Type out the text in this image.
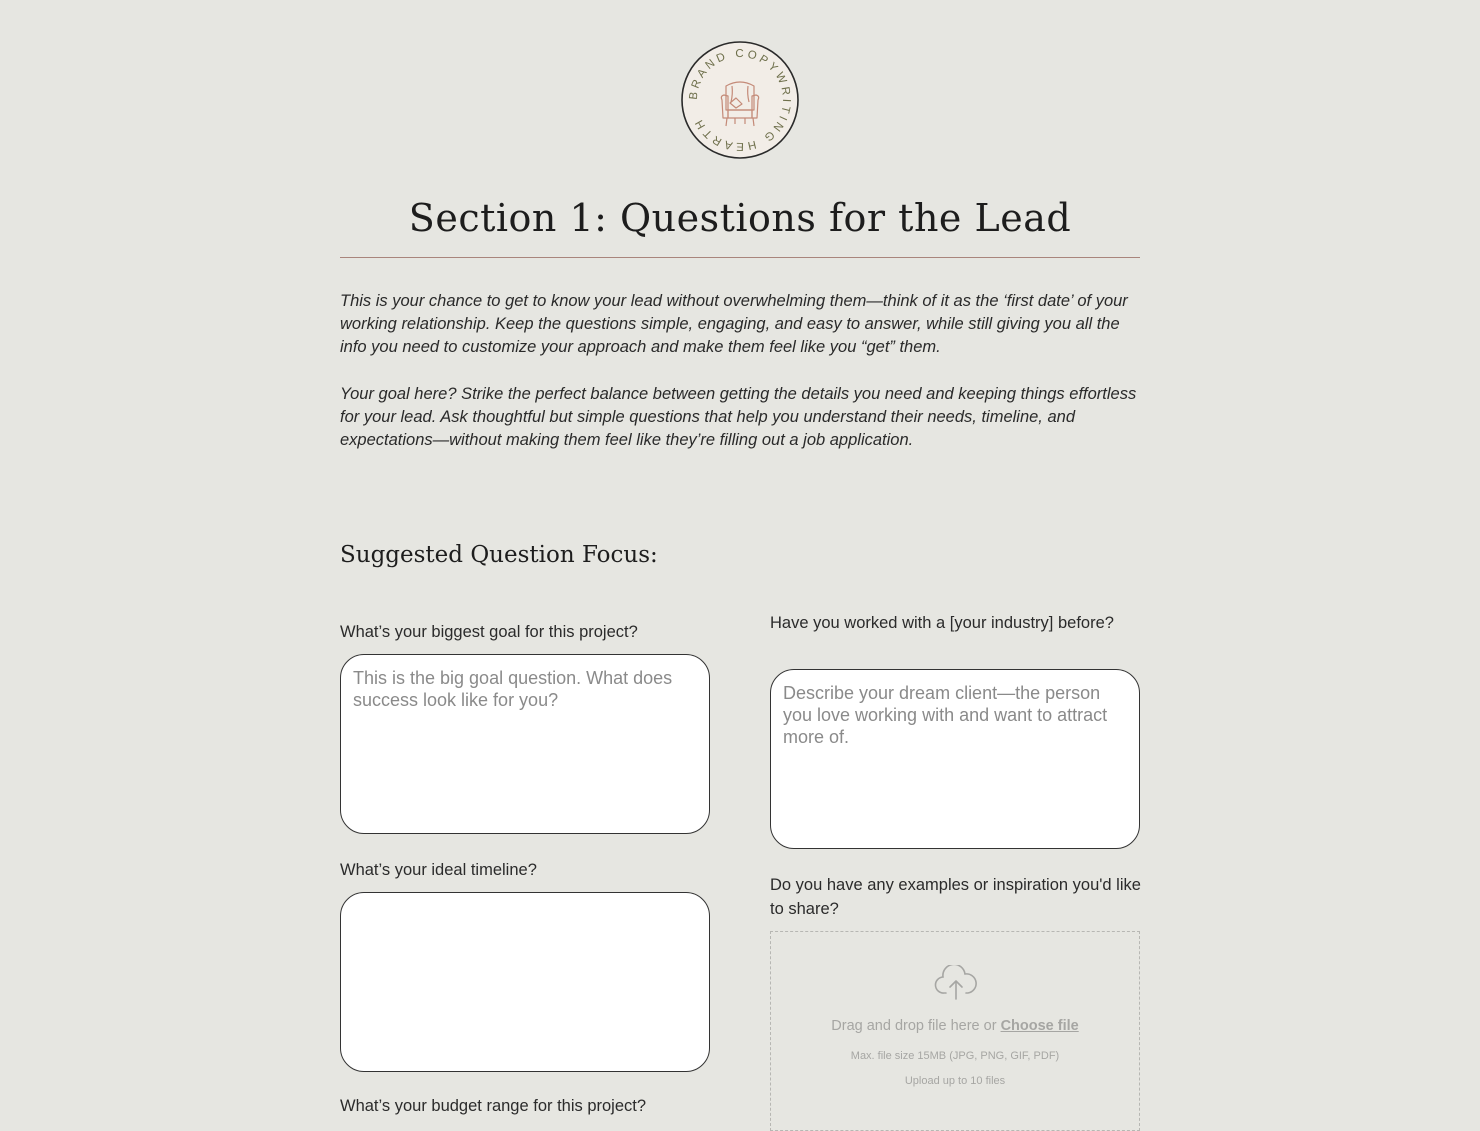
BRAND COPYWRITING HEARTH
Section 1: Questions for the Lead

This is your chance to get to know your lead without overwhelming them—think of it as the ‘first date’ of your working relationship. Keep the questions simple, engaging, and easy to answer, while still giving you all the info you need to customize your approach and make them feel like you “get” them.

Your goal here? Strike the perfect balance between getting the details you need and keeping things effortless for your lead. Ask thoughtful but simple questions that help you understand their needs, timeline, and expectations—without making them feel like they’re filling out a job application.

Suggested Question Focus:
What’s your biggest goal for this project?
This is the big goal question. What does success look like for you?
What’s your ideal timeline?
What’s your budget range for this project?
Have you worked with a [your industry] before?
Describe your dream client—the person you love working with and want to attract more of.
Do you have any examples or inspiration you'd like to share?
Drag and drop file here or Choose file
Max. file size 15MB (JPG, PNG, GIF, PDF)
Upload up to 10 files
